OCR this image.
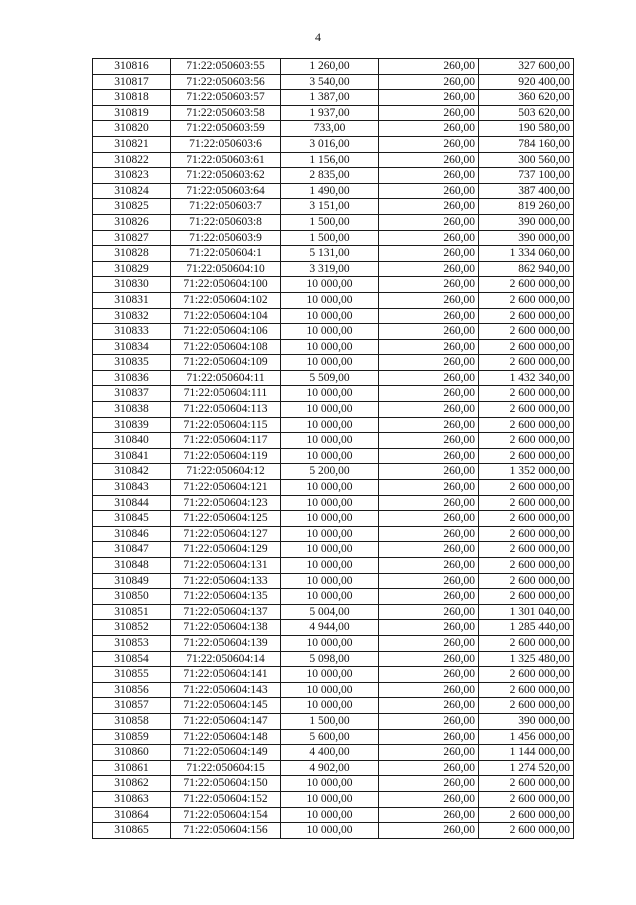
4
310816	71:22:050603:55	1 260,00	260,00	327 600,00
310817	71:22:050603:56	3 540,00	260,00	920 400,00
310818	71:22:050603:57	1 387,00	260,00	360 620,00
310819	71:22:050603:58	1 937,00	260,00	503 620,00
310820	71:22:050603:59	733,00	260,00	190 580,00
310821	71:22:050603:6	3 016,00	260,00	784 160,00
310822	71:22:050603:61	1 156,00	260,00	300 560,00
310823	71:22:050603:62	2 835,00	260,00	737 100,00
310824	71:22:050603:64	1 490,00	260,00	387 400,00
310825	71:22:050603:7	3 151,00	260,00	819 260,00
310826	71:22:050603:8	1 500,00	260,00	390 000,00
310827	71:22:050603:9	1 500,00	260,00	390 000,00
310828	71:22:050604:1	5 131,00	260,00	1 334 060,00
310829	71:22:050604:10	3 319,00	260,00	862 940,00
310830	71:22:050604:100	10 000,00	260,00	2 600 000,00
310831	71:22:050604:102	10 000,00	260,00	2 600 000,00
310832	71:22:050604:104	10 000,00	260,00	2 600 000,00
310833	71:22:050604:106	10 000,00	260,00	2 600 000,00
310834	71:22:050604:108	10 000,00	260,00	2 600 000,00
310835	71:22:050604:109	10 000,00	260,00	2 600 000,00
310836	71:22:050604:11	5 509,00	260,00	1 432 340,00
310837	71:22:050604:111	10 000,00	260,00	2 600 000,00
310838	71:22:050604:113	10 000,00	260,00	2 600 000,00
310839	71:22:050604:115	10 000,00	260,00	2 600 000,00
310840	71:22:050604:117	10 000,00	260,00	2 600 000,00
310841	71:22:050604:119	10 000,00	260,00	2 600 000,00
310842	71:22:050604:12	5 200,00	260,00	1 352 000,00
310843	71:22:050604:121	10 000,00	260,00	2 600 000,00
310844	71:22:050604:123	10 000,00	260,00	2 600 000,00
310845	71:22:050604:125	10 000,00	260,00	2 600 000,00
310846	71:22:050604:127	10 000,00	260,00	2 600 000,00
310847	71:22:050604:129	10 000,00	260,00	2 600 000,00
310848	71:22:050604:131	10 000,00	260,00	2 600 000,00
310849	71:22:050604:133	10 000,00	260,00	2 600 000,00
310850	71:22:050604:135	10 000,00	260,00	2 600 000,00
310851	71:22:050604:137	5 004,00	260,00	1 301 040,00
310852	71:22:050604:138	4 944,00	260,00	1 285 440,00
310853	71:22:050604:139	10 000,00	260,00	2 600 000,00
310854	71:22:050604:14	5 098,00	260,00	1 325 480,00
310855	71:22:050604:141	10 000,00	260,00	2 600 000,00
310856	71:22:050604:143	10 000,00	260,00	2 600 000,00
310857	71:22:050604:145	10 000,00	260,00	2 600 000,00
310858	71:22:050604:147	1 500,00	260,00	390 000,00
310859	71:22:050604:148	5 600,00	260,00	1 456 000,00
310860	71:22:050604:149	4 400,00	260,00	1 144 000,00
310861	71:22:050604:15	4 902,00	260,00	1 274 520,00
310862	71:22:050604:150	10 000,00	260,00	2 600 000,00
310863	71:22:050604:152	10 000,00	260,00	2 600 000,00
310864	71:22:050604:154	10 000,00	260,00	2 600 000,00
310865	71:22:050604:156	10 000,00	260,00	2 600 000,00
